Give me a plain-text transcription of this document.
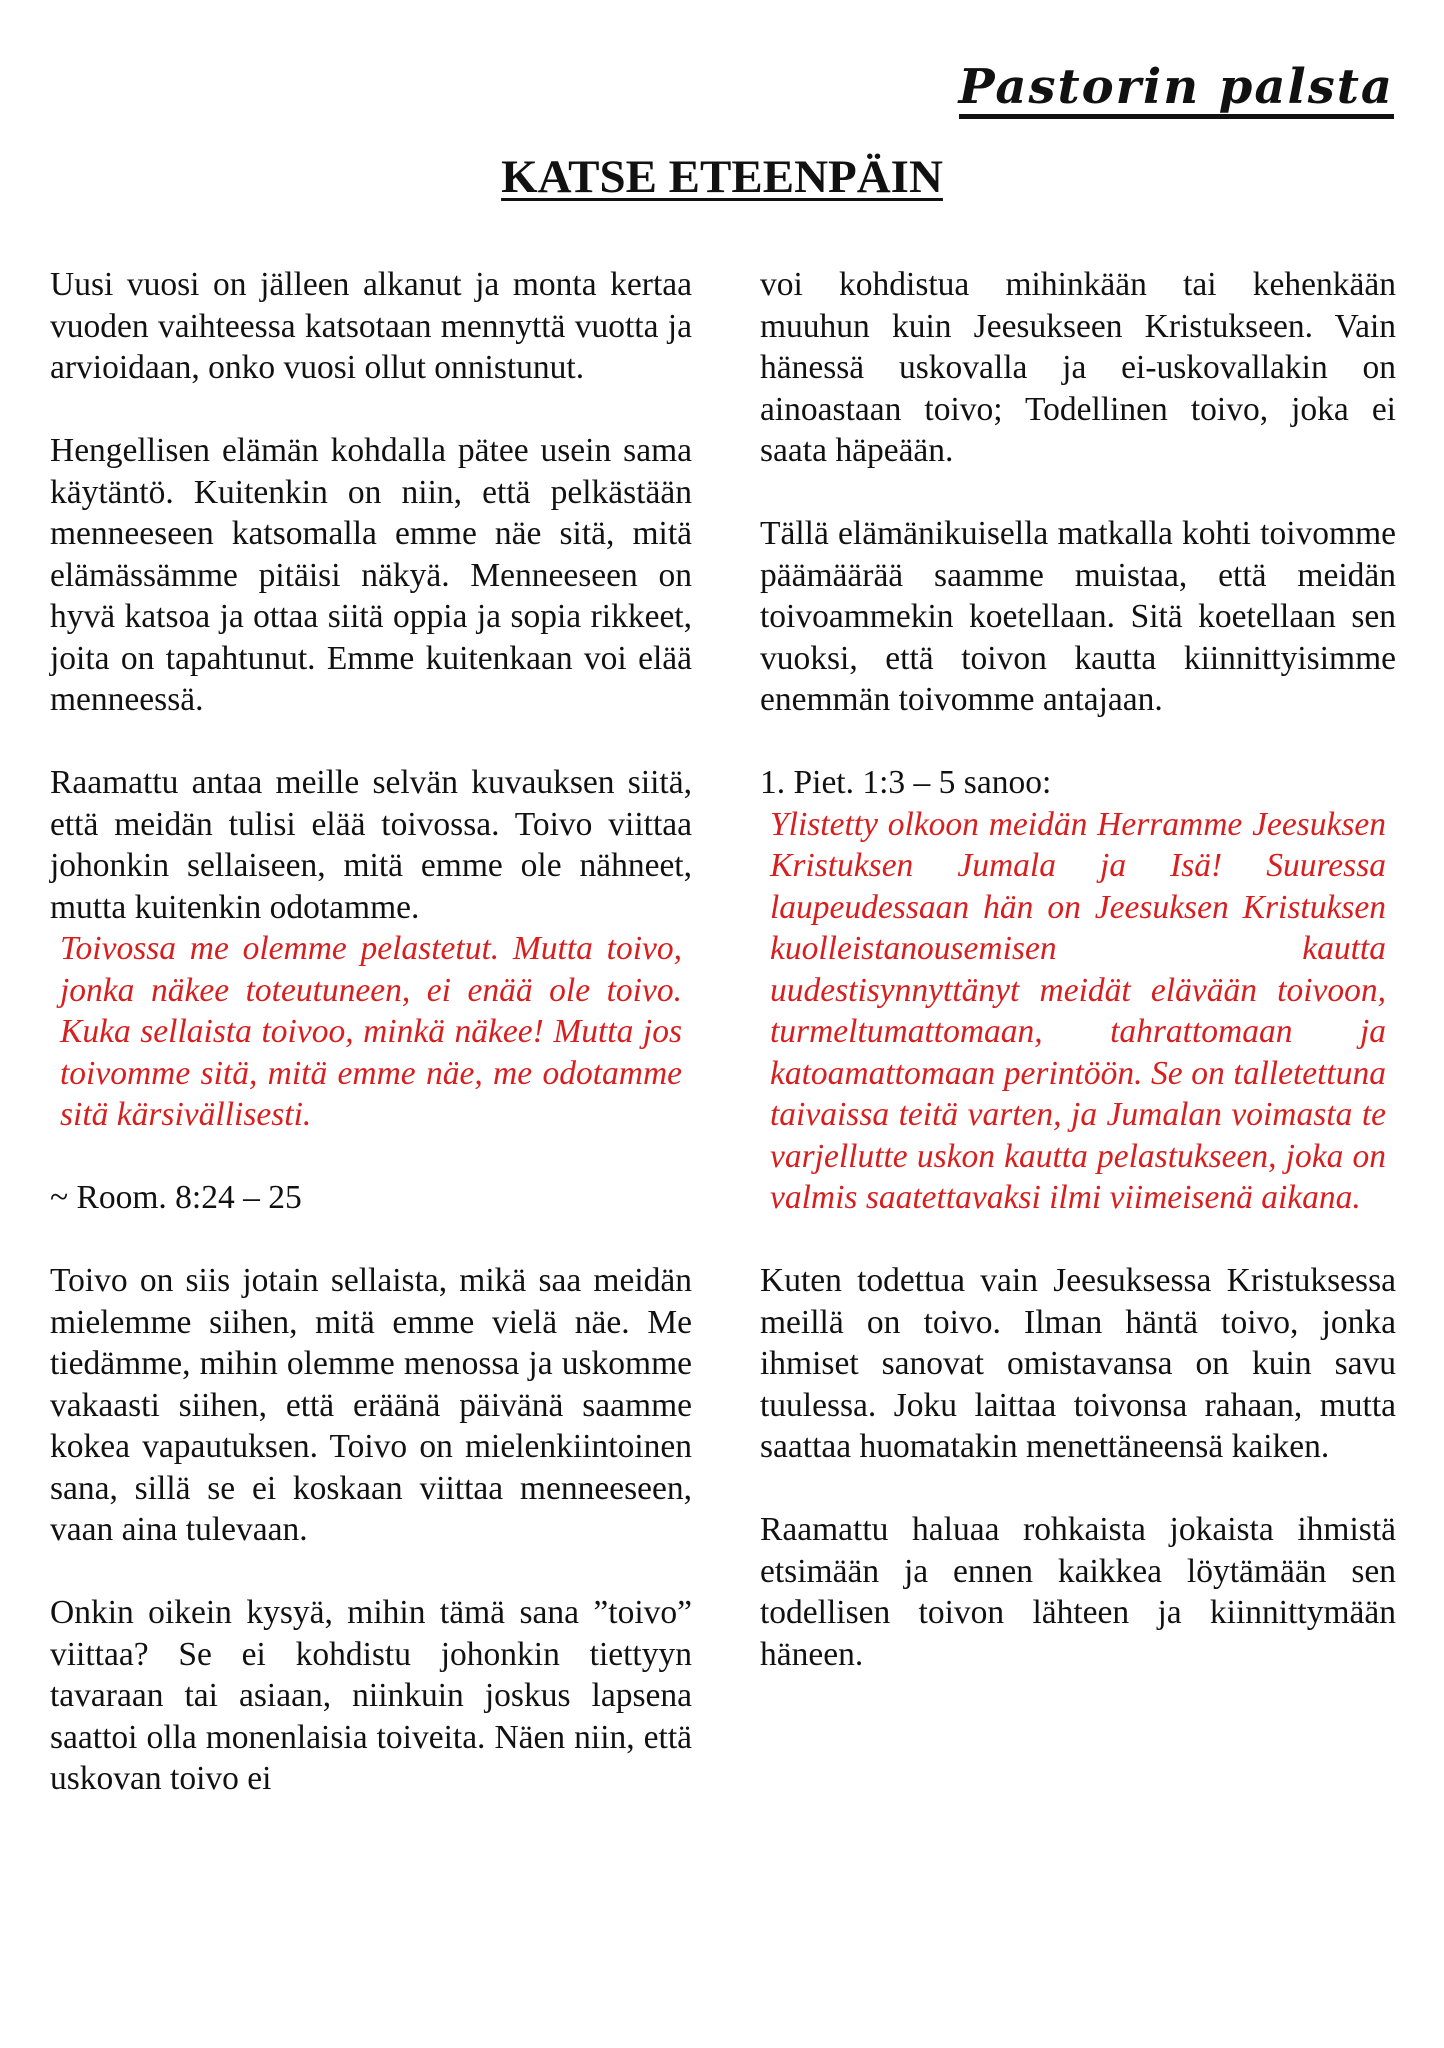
Pastorin palsta
KATSE ETEENPÄIN

Uusi vuosi on jälleen alkanut ja monta kertaa vuoden vaihteessa katsotaan mennyttä vuotta ja arvioidaan, onko vuosi ollut onnistunut.

Hengellisen elämän kohdalla pätee usein sama käytäntö. Kuitenkin on niin, että pelkästään menneeseen katsomalla emme näe sitä, mitä elämässämme pitäisi näkyä. Menneeseen on hyvä katsoa ja ottaa siitä oppia ja sopia rikkeet, joita on tapahtunut. Emme kuitenkaan voi elää menneessä.

Raamattu antaa meille selvän kuvauksen siitä, että meidän tulisi elää toivossa. Toivo viittaa johonkin sellaiseen, mitä emme ole nähneet, mutta kuitenkin odotamme.

Toivossa me olemme pelastetut. Mutta toivo, jonka näkee toteutuneen, ei enää ole toivo. Kuka sellaista toivoo, minkä näkee! Mutta jos toivomme sitä, mitä emme näe, me odotamme sitä kärsivällisesti.

~ Room. 8:24 – 25

Toivo on siis jotain sellaista, mikä saa meidän mielemme siihen, mitä emme vielä näe. Me tiedämme, mihin olemme menossa ja uskomme vakaasti siihen, että eräänä päivänä saamme kokea vapautuksen. Toivo on mielenkiintoinen sana, sillä se ei koskaan viittaa menneeseen, vaan aina tulevaan.

Onkin oikein kysyä, mihin tämä sana ”toivo” viittaa? Se ei kohdistu johonkin tiettyyn tavaraan tai asiaan, niinkuin joskus lapsena saattoi olla monenlaisia toiveita. Näen niin, että uskovan toivo ei

voi kohdistua mihinkään tai kehenkään muuhun kuin Jeesukseen Kristukseen. Vain hänessä uskovalla ja ei-uskovallakin on ainoastaan toivo; Todellinen toivo, joka ei saata häpeään.

Tällä elämänikuisella matkalla kohti toivomme päämäärää saamme muistaa, että meidän toivoammekin koetellaan. Sitä koetellaan sen vuoksi, että toivon kautta kiinnittyisimme enemmän toivomme antajaan.

1. Piet. 1:3 – 5 sanoo:

Ylistetty olkoon meidän Herramme Jeesuksen Kristuksen Jumala ja Isä! Suuressa laupeudessaan hän on Jeesuksen Kristuksen kuolleistanousemisen kautta uudestisynnyttänyt meidät elävään toivoon, turmeltumattomaan, tahrattomaan ja katoamattomaan perintöön. Se on talletettuna taivaissa teitä varten, ja Jumalan voimasta te varjellutte uskon kautta pelastukseen, joka on valmis saatettavaksi ilmi viimeisenä aikana.

Kuten todettua vain Jeesuksessa Kristuksessa meillä on toivo. Ilman häntä toivo, jonka ihmiset sanovat omistavansa on kuin savu tuulessa. Joku laittaa toivonsa rahaan, mutta saattaa huomatakin menettäneensä kaiken.

Raamattu haluaa rohkaista jokaista ihmistä etsimään ja ennen kaikkea löytämään sen todellisen toivon lähteen ja kiinnittymään häneen.
